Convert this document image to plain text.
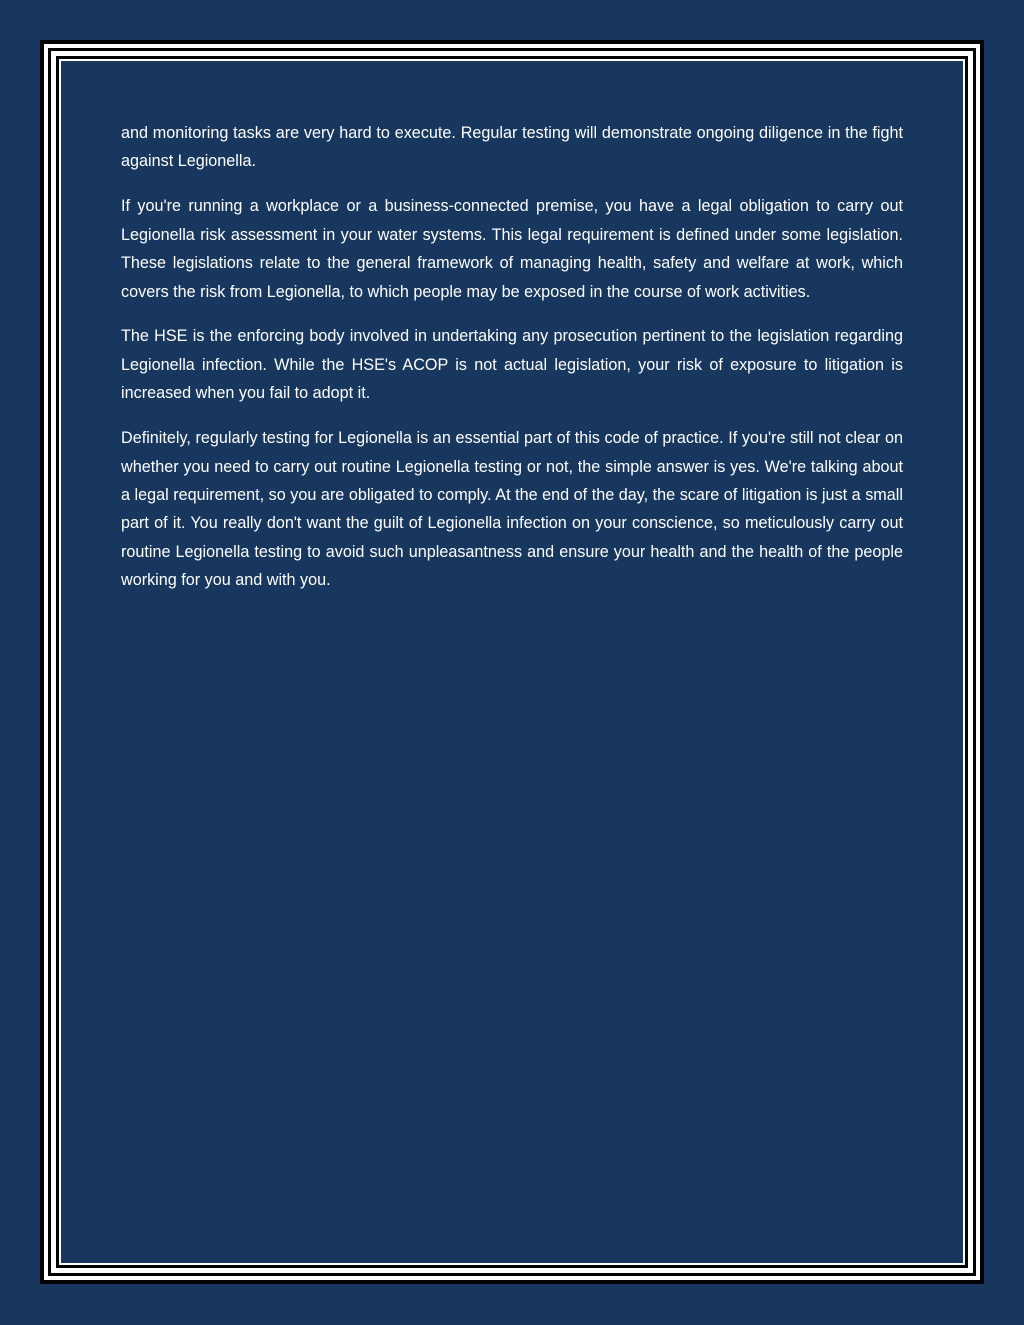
and monitoring tasks are very hard to execute. Regular testing will demonstrate ongoing diligence in the fight against Legionella.

If you're running a workplace or a business-connected premise, you have a legal obligation to carry out Legionella risk assessment in your water systems. This legal requirement is defined under some legislation. These legislations relate to the general framework of managing health, safety and welfare at work, which covers the risk from Legionella, to which people may be exposed in the course of work activities.

The HSE is the enforcing body involved in undertaking any prosecution pertinent to the legislation regarding Legionella infection. While the HSE's ACOP is not actual legislation, your risk of exposure to litigation is increased when you fail to adopt it.

Definitely, regularly testing for Legionella is an essential part of this code of practice. If you're still not clear on whether you need to carry out routine Legionella testing or not, the simple answer is yes. We're talking about a legal requirement, so you are obligated to comply. At the end of the day, the scare of litigation is just a small part of it. You really don't want the guilt of Legionella infection on your conscience, so meticulously carry out routine Legionella testing to avoid such unpleasantness and ensure your health and the health of the people working for you and with you.
